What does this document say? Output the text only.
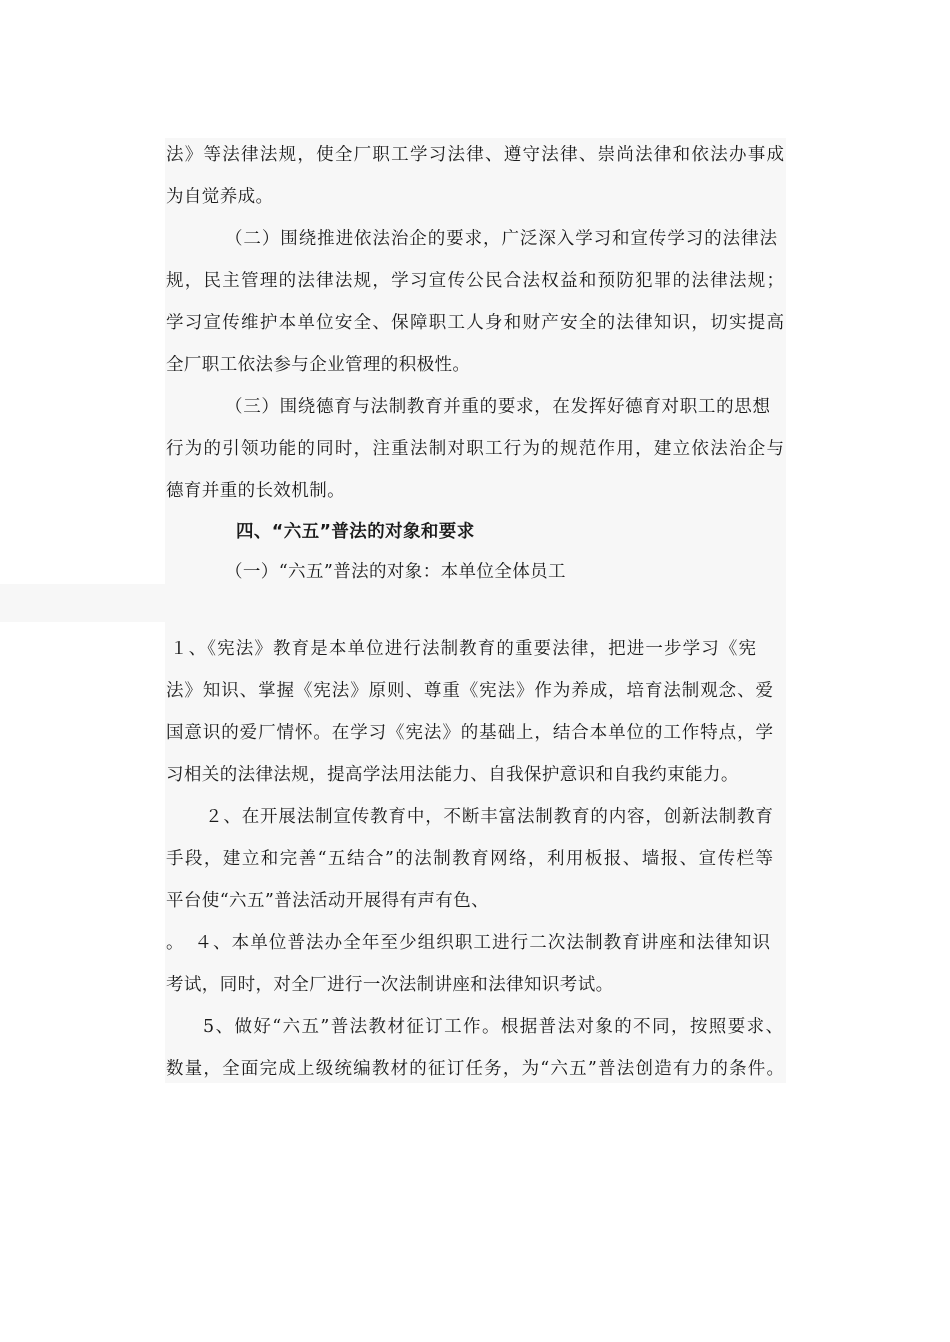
法》等法律法规，使全厂职工学习法律、遵守法律、崇尚法律和依法办事成
为自觉养成。
（二）围绕推进依法治企的要求，广泛深入学习和宣传学习的法律法
规，民主管理的法律法规，学习宣传公民合法权益和预防犯罪的法律法规；
学习宣传维护本单位安全、保障职工人身和财产安全的法律知识，切实提高
全厂职工依法参与企业管理的积极性。
（三）围绕德育与法制教育并重的要求，在发挥好德育对职工的思想
行为的引领功能的同时，注重法制对职工行为的规范作用，建立依法治企与
德育并重的长效机制。
四、“六五”普法的对象和要求
（一）“六五”普法的对象：本单位全体员工
１、《宪法》教育是本单位进行法制教育的重要法律，把进一步学习《宪
法》知识、掌握《宪法》原则、尊重《宪法》作为养成，培育法制观念、爱
国意识的爱厂情怀。在学习《宪法》的基础上，结合本单位的工作特点，学
习相关的法律法规，提高学法用法能力、自我保护意识和自我约束能力。
２、在开展法制宣传教育中，不断丰富法制教育的内容，创新法制教育
手段，建立和完善“五结合”的法制教育网络，利用板报、墙报、宣传栏等
平台使“六五”普法活动开展得有声有色、
。　４、本单位普法办全年至少组织职工进行二次法制教育讲座和法律知识
考试，同时，对全厂进行一次法制讲座和法律知识考试。
5、做好“六五”普法教材征订工作。根据普法对象的不同，按照要求、
数量，全面完成上级统编教材的征订任务，为“六五”普法创造有力的条件。
